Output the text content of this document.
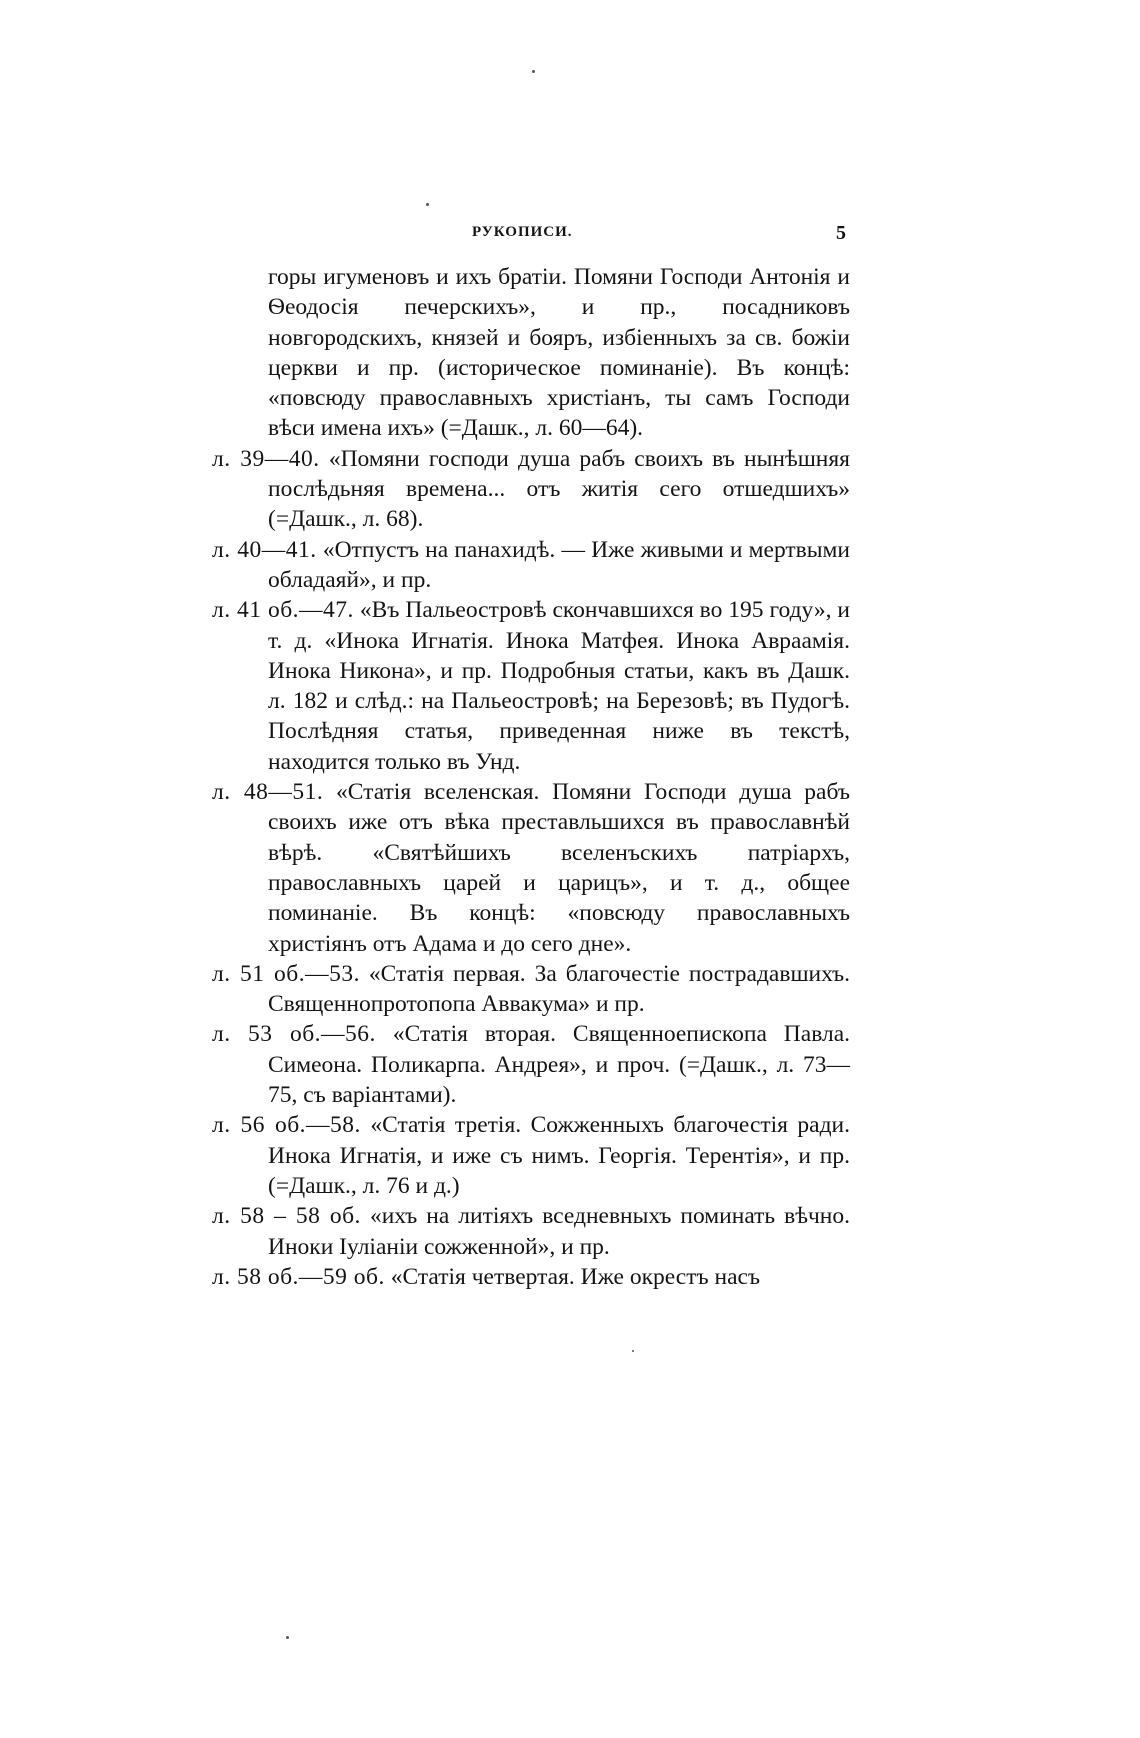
РУКОПИСИ.	5

горы игуменовъ и ихъ братіи. Помяни Господи Антонія и Ѳеодосія печерскихъ», и пр., посадниковъ новгородскихъ, князей и бояръ, избіенныхъ за св. божіи церкви и пр. (историческое поминаніе). Въ концѣ: «повсюду православныхъ христіанъ, ты самъ Господи вѣси имена ихъ» (=Дашк., л. 60—64).

л. 39—40. «Помяни господи душа рабъ своихъ въ нынѣшняя послѣдьняя времена... отъ житія сего отшедшихъ» (=Дашк., л. 68).

л. 40—41. «Отпустъ на панахидѣ. — Иже живыми и мертвыми обладаяй», и пр.

л. 41 об.—47. «Въ Пальеостровѣ скончавшихся во 195 году», и т. д. «Инока Игнатія. Инока Матфея. Инока Авраамія. Инока Никона», и пр. Подробныя статьи, какъ въ Дашк. л. 182 и слѣд.: на Пальеостровѣ; на Березовѣ; въ Пудогѣ. Послѣдняя статья, приведенная ниже въ текстѣ, находится только въ Унд.

л. 48—51. «Статія вселенская. Помяни Господи душа рабъ своихъ иже отъ вѣка преставльшихся въ православнѣй вѣрѣ. «Святѣйшихъ вселенъскихъ патріархъ, православныхъ царей и царицъ», и т. д., общее поминаніе. Въ концѣ: «повсюду православныхъ христіянъ отъ Адама и до сего дне».

л. 51 об.—53. «Статія первая. За благочестіе пострадавшихъ. Священнопротопопа Аввакума» и пр.

л. 53 об.—56. «Статія вторая. Священноепископа Павла. Симеона. Поликарпа. Андрея», и проч. (=Дашк., л. 73—75, съ варіантами).

л. 56 об.—58. «Статія третія. Сожженныхъ благочестія ради. Инока Игнатія, и иже съ нимъ. Георгія. Терентія», и пр. (=Дашк., л. 76 и д.)

л. 58 – 58 об. «ихъ на литіяхъ вседневныхъ поминать вѣчно. Иноки Іуліаніи сожженной», и пр.

л. 58 об.—59 об. «Статія четвертая. Иже окрестъ насъ
